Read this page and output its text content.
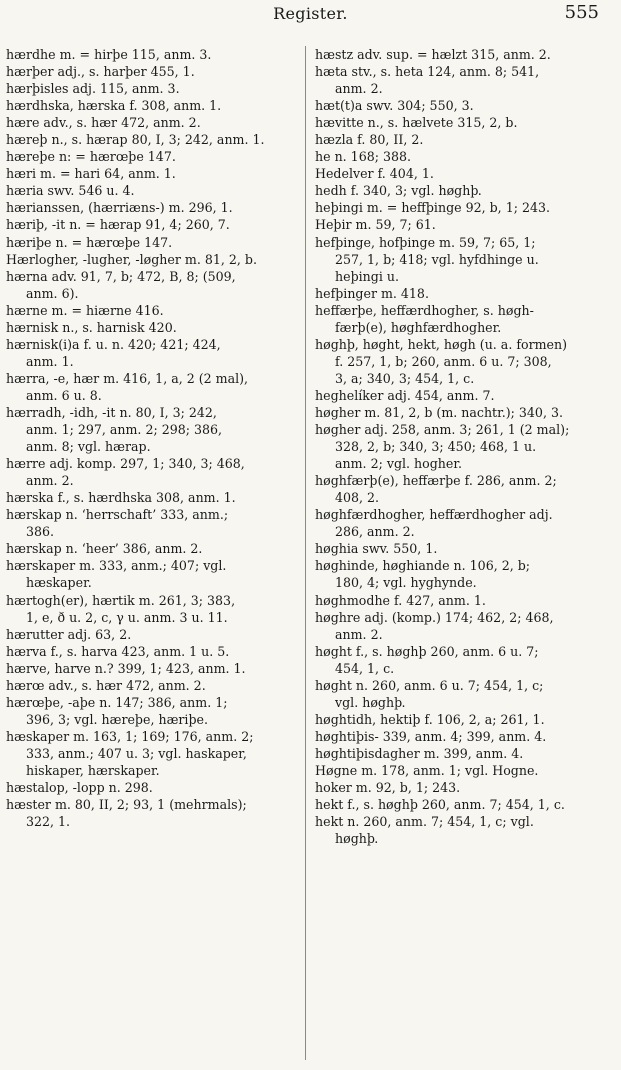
Register.	555
hærdhe m. = hirþe 115, anm. 3.
hærþer adj., s. harþer 455, 1.
hærþisles adj. 115, anm. 3.
hærdhska, hærska f. 308, anm. 1.
hære adv., s. hær 472, anm. 2.
hæreþ n., s. hærap 80, I, 3; 242, anm. 1.
hæreþe n: = hærœþe 147.
hæri m. = hari 64, anm. 1.
hæria swv. 546 u. 4.
hærianssen, (hærriæns-) m. 296, 1.
hæriþ, -it n. = hærap 91, 4; 260, 7.
hæriþe n. = hærœþe 147.
Hærlogher, -lugher, -løgher m. 81, 2, b.
hærna adv. 91, 7, b; 472, B, 8; (509,
anm. 6).
hærne m. = hiærne 416.
hærnisk n., s. harnisk 420.
hærnisk(i)a f. u. n. 420; 421; 424,
anm. 1.
hærra, -e, hær m. 416, 1, a, 2 (2 mal),
anm. 6 u. 8.
hærradh, -idh, -it n. 80, I, 3; 242,
anm. 1; 297, anm. 2; 298; 386,
anm. 8; vgl. hærap.
hærre adj. komp. 297, 1; 340, 3; 468,
anm. 2.
hærska f., s. hærdhska 308, anm. 1.
hærskap n. ‘herrschaft’ 333, anm.;
386.
hærskap n. ‘heer’ 386, anm. 2.
hærskaper m. 333, anm.; 407; vgl.
hæskaper.
hærtogh(er), hærtik m. 261, 3; 383,
1, e, ð u. 2, c, γ u. anm. 3 u. 11.
hærutter adj. 63, 2.
hærva f., s. harva 423, anm. 1 u. 5.
hærve, harve n.? 399, 1; 423, anm. 1.
hærœ adv., s. hær 472, anm. 2.
hærœþe, -aþe n. 147; 386, anm. 1;
396, 3; vgl. hæreþe, hæriþe.
hæskaper m. 163, 1; 169; 176, anm. 2;
333, anm.; 407 u. 3; vgl. haskaper,
hiskaper, hærskaper.
hæstalop, -lopp n. 298.
hæster m. 80, II, 2; 93, 1 (mehrmals);
322, 1.
hæstz adv. sup. = hælzt 315, anm. 2.
hæta stv., s. heta 124, anm. 8; 541,
anm. 2.
hæt(t)a swv. 304; 550, 3.
hævitte n., s. hælvete 315, 2, b.
hæzla f. 80, II, 2.
he n. 168; 388.
Hedelver f. 404, 1.
hedh f. 340, 3; vgl. høghþ.
heþingi m. = heffþinge 92, b, 1; 243.
Heþir m. 59, 7; 61.
hefþinge, hofþinge m. 59, 7; 65, 1;
257, 1, b; 418; vgl. hyfdhinge u.
heþingi u.
hefþinger m. 418.
heffærþe, heffærdhogher, s. høgh-
færþ(e), høghfærdhogher.
høghþ, høght, hekt, høgh (u. a. formen)
f. 257, 1, b; 260, anm. 6 u. 7; 308,
3, a; 340, 3; 454, 1, c.
heghelíker adj. 454, anm. 7.
høgher m. 81, 2, b (m. nachtr.); 340, 3.
høgher adj. 258, anm. 3; 261, 1 (2 mal);
328, 2, b; 340, 3; 450; 468, 1 u.
anm. 2; vgl. hogher.
høghfærþ(e), heffærþe f. 286, anm. 2;
408, 2.
høghfærdhogher, heffærdhogher adj.
286, anm. 2.
høghia swv. 550, 1.
høghinde, høghiande n. 106, 2, b;
180, 4; vgl. hyghynde.
høghmodhe f. 427, anm. 1.
høghre adj. (komp.) 174; 462, 2; 468,
anm. 2.
høght f., s. høghþ 260, anm. 6 u. 7;
454, 1, c.
høght n. 260, anm. 6 u. 7; 454, 1, c;
vgl. høghþ.
høghtidh, hektiþ f. 106, 2, a; 261, 1.
høghtiþis- 339, anm. 4; 399, anm. 4.
høghtiþisdagher m. 399, anm. 4.
Høgne m. 178, anm. 1; vgl. Hogne.
hoker m. 92, b, 1; 243.
hekt f., s. høghþ 260, anm. 7; 454, 1, c.
hekt n. 260, anm. 7; 454, 1, c; vgl.
høghþ.
